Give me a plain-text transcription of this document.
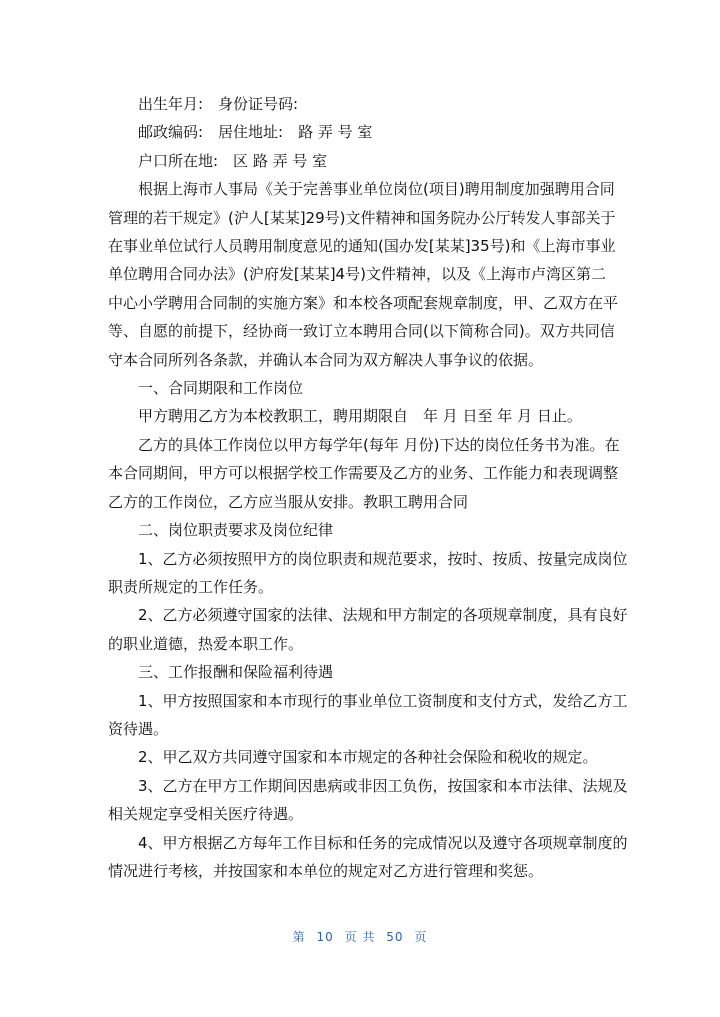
出生年月:　身份证号码:

邮政编码:　居住地址:　路 弄 号 室

户口所在地:　区 路 弄 号 室

根据上海市人事局《关于完善事业单位岗位(项目)聘用制度加强聘用合同

管理的若干规定》(沪人[某某]29号)文件精神和国务院办公厅转发人事部关于

在事业单位试行人员聘用制度意见的通知(国办发[某某]35号)和《上海市事业

单位聘用合同办法》(沪府发[某某]4号)文件精神，以及《上海市卢湾区第二

中心小学聘用合同制的实施方案》和本校各项配套规章制度，甲、乙双方在平

等、自愿的前提下，经协商一致订立本聘用合同(以下简称合同)。双方共同信

守本合同所列各条款，并确认本合同为双方解决人事争议的依据。

一、合同期限和工作岗位

甲方聘用乙方为本校教职工，聘用期限自　年 月 日至 年 月 日止。

乙方的具体工作岗位以甲方每学年(每年 月份)下达的岗位任务书为准。在

本合同期间，甲方可以根据学校工作需要及乙方的业务、工作能力和表现调整

乙方的工作岗位，乙方应当服从安排。教职工聘用合同

二、岗位职责要求及岗位纪律

1、乙方必须按照甲方的岗位职责和规范要求，按时、按质、按量完成岗位

职责所规定的工作任务。

2、乙方必须遵守国家的法律、法规和甲方制定的各项规章制度，具有良好

的职业道德，热爱本职工作。

三、工作报酬和保险福利待遇

1、甲方按照国家和本市现行的事业单位工资制度和支付方式，发给乙方工

资待遇。

2、甲乙双方共同遵守国家和本市规定的各种社会保险和税收的规定。

3、乙方在甲方工作期间因患病或非因工负伤，按国家和本市法律、法规及

相关规定享受相关医疗待遇。

4、甲方根据乙方每年工作目标和任务的完成情况以及遵守各项规章制度的

情况进行考核，并按国家和本单位的规定对乙方进行管理和奖惩。

第 10 页 共 50 页
